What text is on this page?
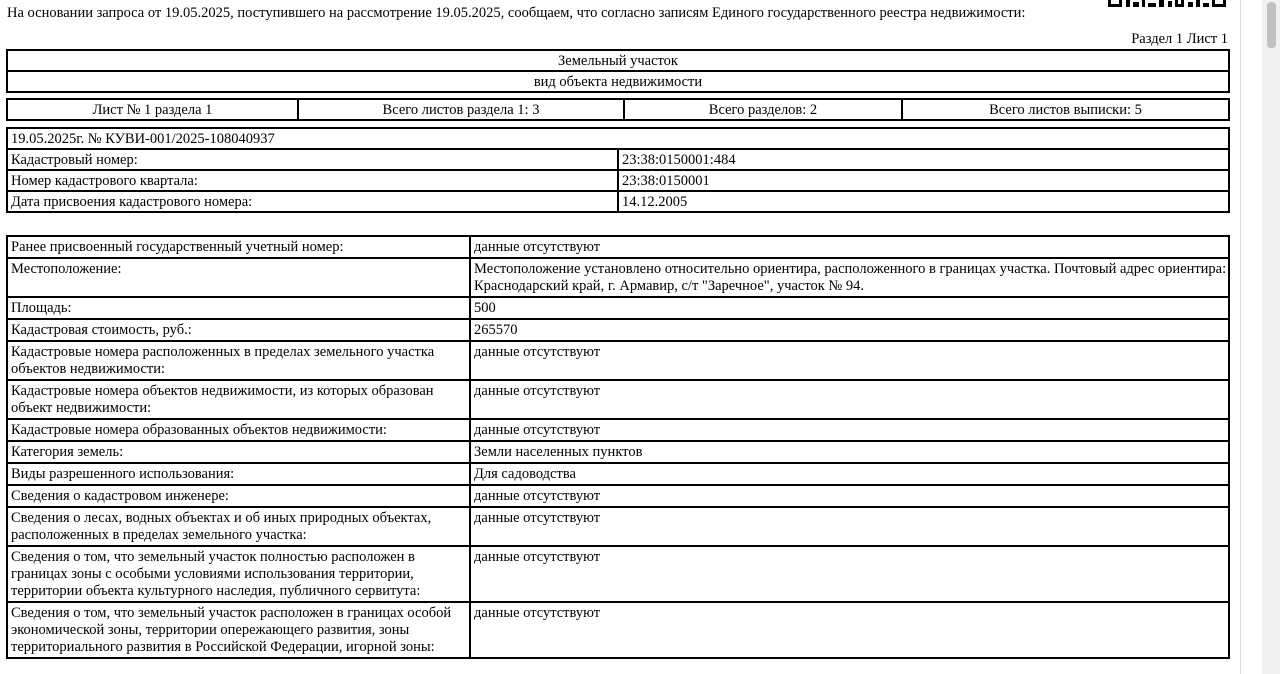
На основании запроса от 19.05.2025, поступившего на рассмотрение 19.05.2025, сообщаем, что согласно записям Единого государственного реестра недвижимости:
Раздел 1 Лист 1
Земельный участок
вид объекта недвижимости
Лист № 1 раздела 1	Всего листов раздела 1: 3	Всего разделов: 2	Всего листов выписки: 5
19.05.2025г. № КУВИ-001/2025-108040937	
Кадастровый номер:	23:38:0150001:484
Номер кадастрового квартала:	23:38:0150001
Дата присвоения кадастрового номера:	14.12.2005
Ранее присвоенный государственный учетный номер:	данные отсутствуют
Местоположение:	Местоположение установлено относительно ориентира, расположенного в границах участка. Почтовый адрес ориентира: Краснодарский край, г. Армавир, с/т "Заречное", участок № 94.
Площадь:	500
Кадастровая стоимость, руб.:	265570
Кадастровые номера расположенных в пределах земельного участка объектов недвижимости:	данные отсутствуют
Кадастровые номера объектов недвижимости, из которых образован объект недвижимости:	данные отсутствуют
Кадастровые номера образованных объектов недвижимости:	данные отсутствуют
Категория земель:	Земли населенных пунктов
Виды разрешенного использования:	Для садоводства
Сведения о кадастровом инженере:	данные отсутствуют
Сведения о лесах, водных объектах и об иных природных объектах, расположенных в пределах земельного участка:	данные отсутствуют
Сведения о том, что земельный участок полностью расположен в границах зоны с особыми условиями использования территории, территории объекта культурного наследия, публичного сервитута:	данные отсутствуют
Сведения о том, что земельный участок расположен в границах особой экономической зоны, территории опережающего развития, зоны территориального развития в Российской Федерации, игорной зоны:	данные отсутствуют
